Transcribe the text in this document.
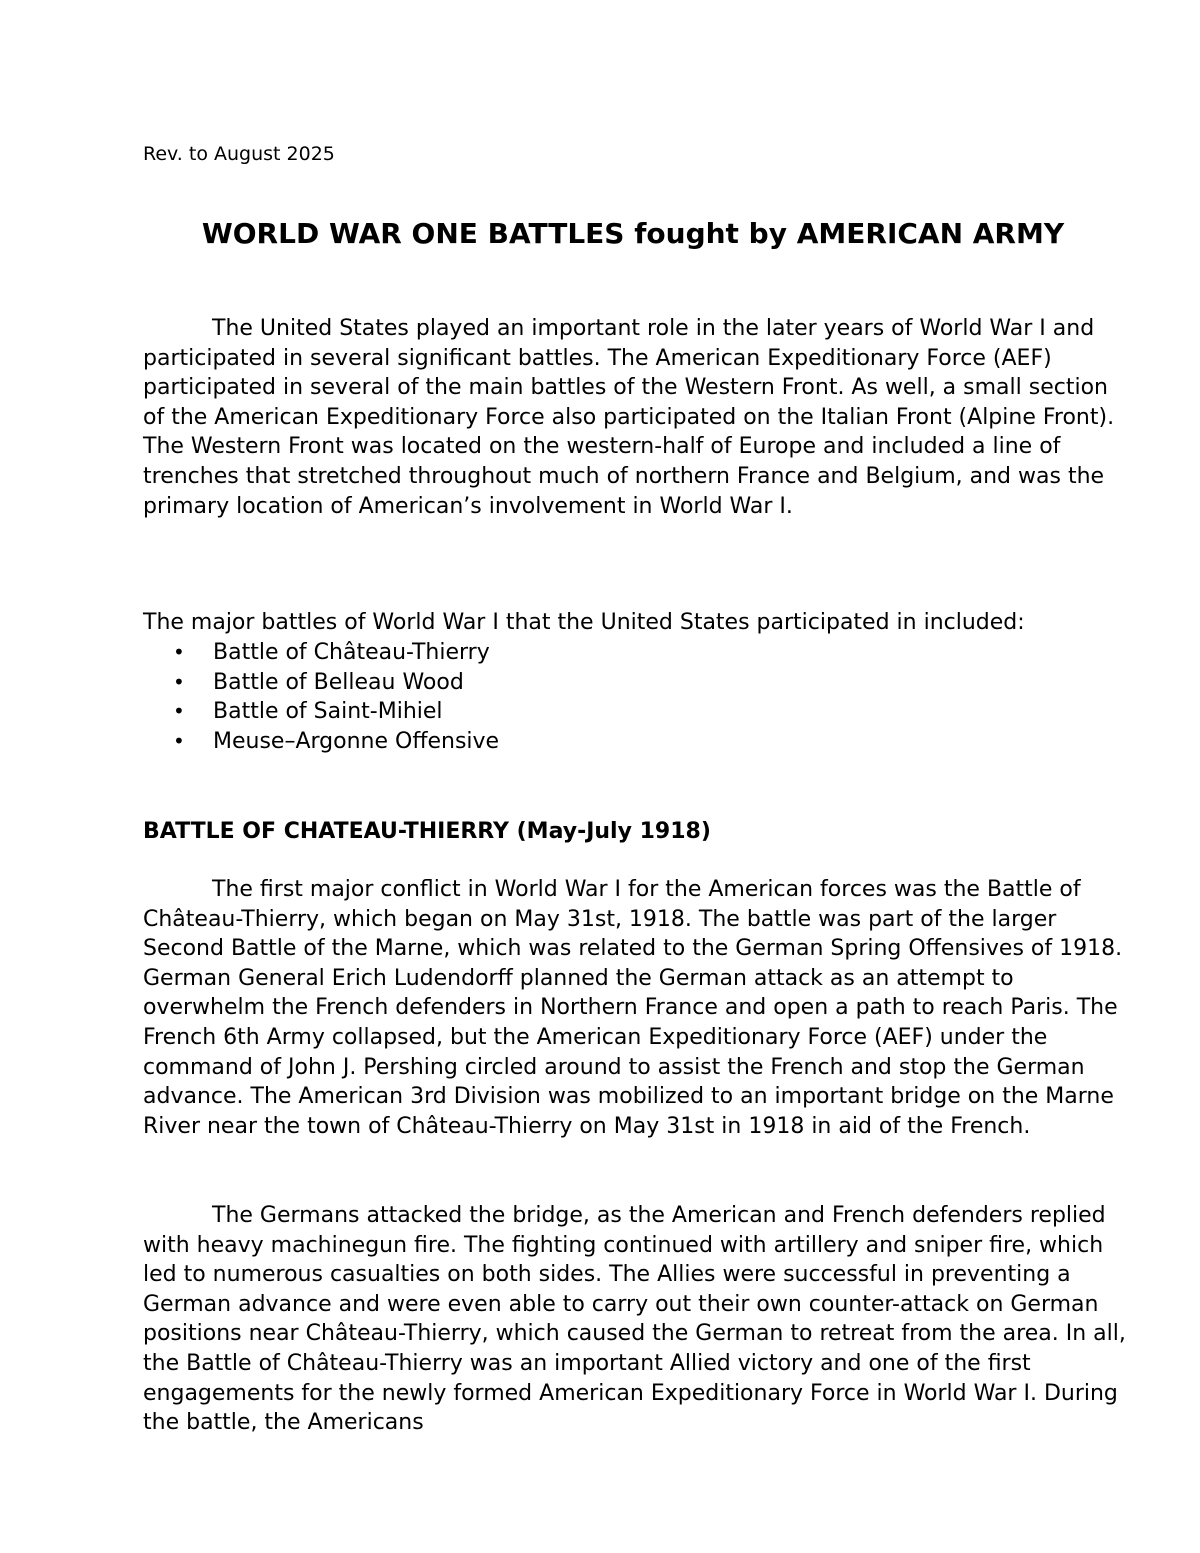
Rev. to August 2025
WORLD WAR ONE BATTLES fought by AMERICAN ARMY

The United States played an important role in the later years of World War I and participated in several significant battles. The American Expeditionary Force (AEF) participated in several of the main battles of the Western Front. As well, a small section of the American Expeditionary Force also participated on the Italian Front (Alpine Front). The Western Front was located on the western-half of Europe and included a line of trenches that stretched throughout much of northern France and Belgium, and was the primary location of American’s involvement in World War I.

The major battles of World War I that the United States participated in included:

• Battle of Château-Thierry
• Battle of Belleau Wood
• Battle of Saint-Mihiel
• Meuse–Argonne Offensive
BATTLE OF CHATEAU-THIERRY (May-July 1918)

The first major conflict in World War I for the American forces was the Battle of Château-Thierry, which began on May 31st, 1918. The battle was part of the larger Second Battle of the Marne, which was related to the German Spring Offensives of 1918. German General Erich Ludendorff planned the German attack as an attempt to overwhelm the French defenders in Northern France and open a path to reach Paris. The French 6th Army collapsed, but the American Expeditionary Force (AEF) under the command of John J. Pershing circled around to assist the French and stop the German advance. The American 3rd Division was mobilized to an important bridge on the Marne River near the town of Château-Thierry on May 31st in 1918 in aid of the French.

The Germans attacked the bridge, as the American and French defenders replied with heavy machinegun fire. The fighting continued with artillery and sniper fire, which led to numerous casualties on both sides. The Allies were successful in preventing a German advance and were even able to carry out their own counter-attack on German positions near Château-Thierry, which caused the German to retreat from the area. In all, the Battle of Château-Thierry was an important Allied victory and one of the first engagements for the newly formed American Expeditionary Force in World War I. During the battle, the Americans
